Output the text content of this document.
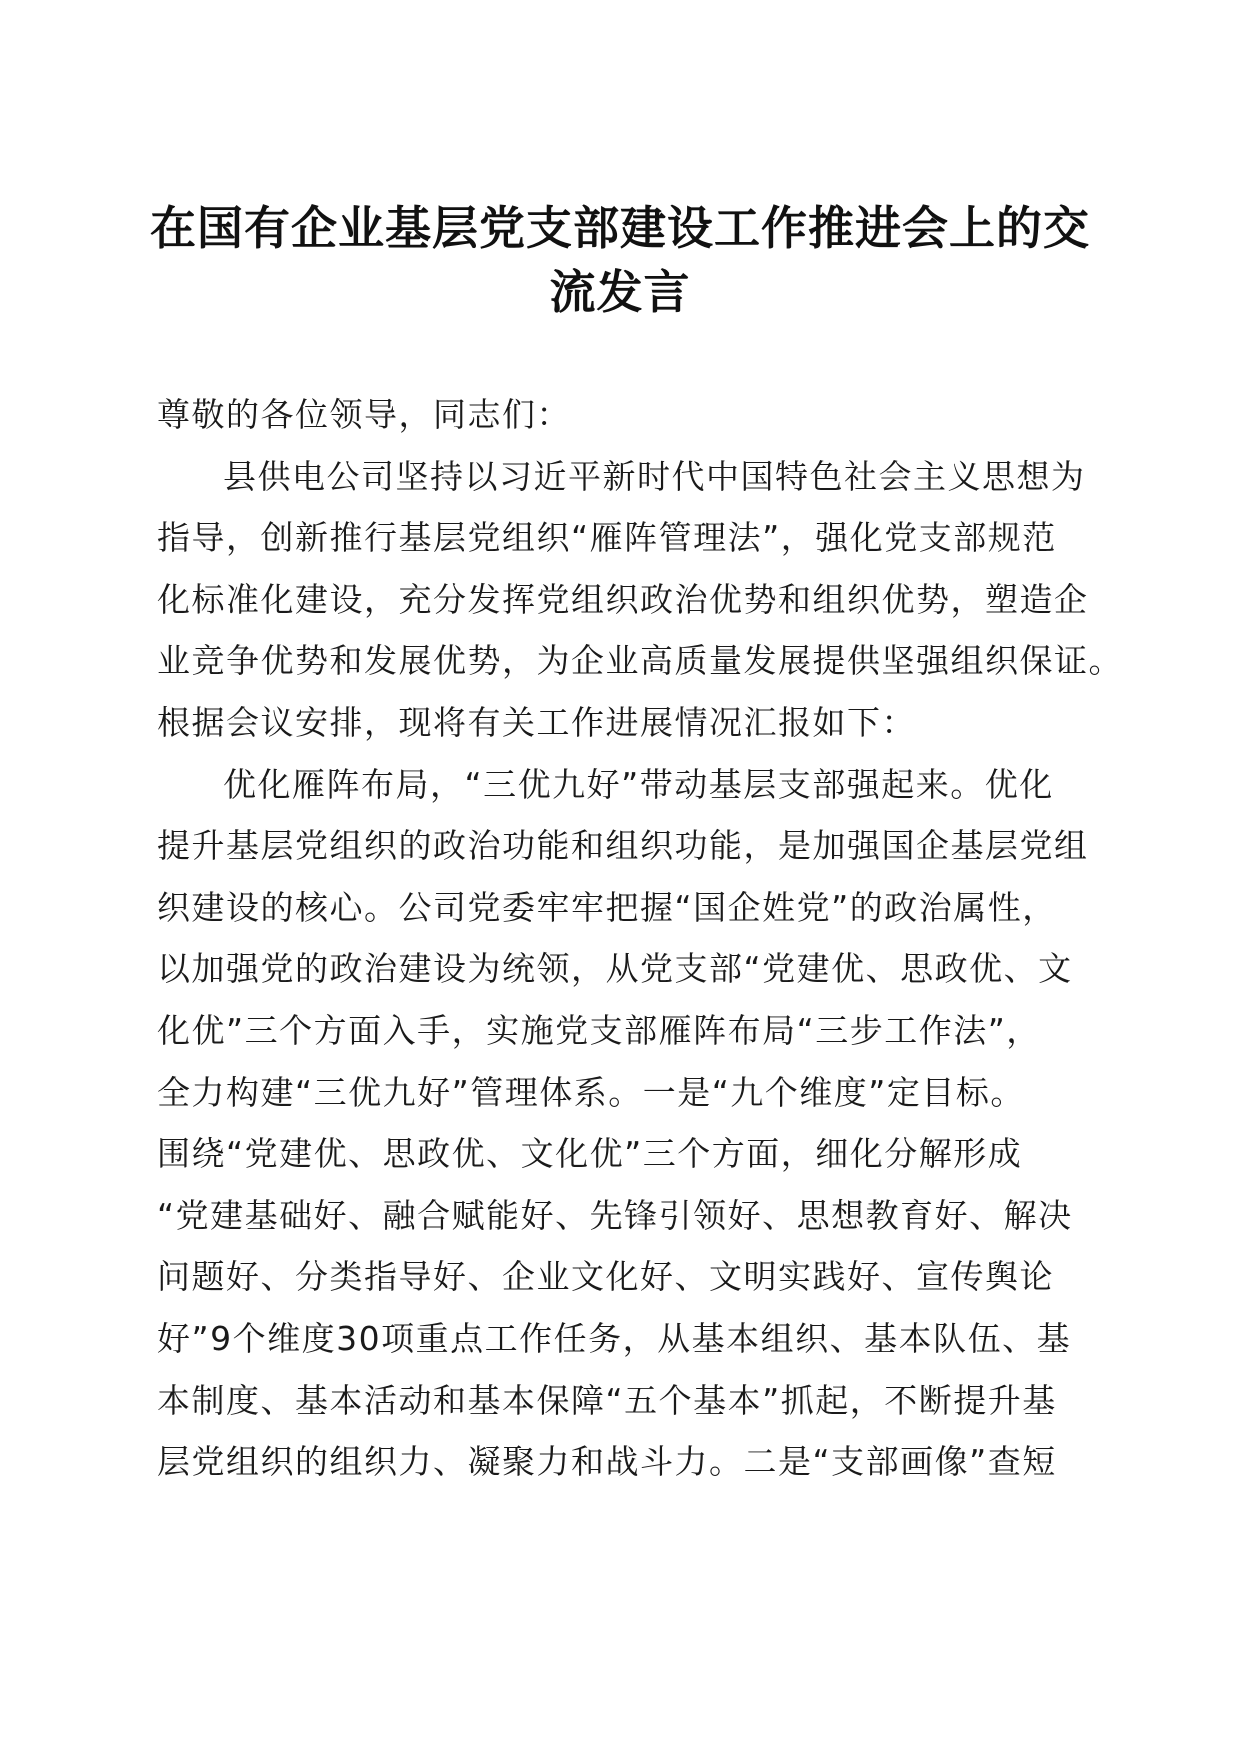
在国有企业基层党支部建设工作推进会上的交
流发言
尊敬的各位领导，同志们：
县供电公司坚持以习近平新时代中国特色社会主义思想为
指导，创新推行基层党组织“雁阵管理法”，强化党支部规范
化标准化建设，充分发挥党组织政治优势和组织优势，塑造企
业竞争优势和发展优势，为企业高质量发展提供坚强组织保证。
根据会议安排，现将有关工作进展情况汇报如下：
优化雁阵布局，“三优九好”带动基层支部强起来。优化
提升基层党组织的政治功能和组织功能，是加强国企基层党组
织建设的核心。公司党委牢牢把握“国企姓党”的政治属性，
以加强党的政治建设为统领，从党支部“党建优、思政优、文
化优”三个方面入手，实施党支部雁阵布局“三步工作法”，
全力构建“三优九好”管理体系。一是“九个维度”定目标。
围绕“党建优、思政优、文化优”三个方面，细化分解形成
“党建基础好、融合赋能好、先锋引领好、思想教育好、解决
问题好、分类指导好、企业文化好、文明实践好、宣传舆论
好”9个维度30项重点工作任务，从基本组织、基本队伍、基
本制度、基本活动和基本保障“五个基本”抓起，不断提升基
层党组织的组织力、凝聚力和战斗力。二是“支部画像”查短
